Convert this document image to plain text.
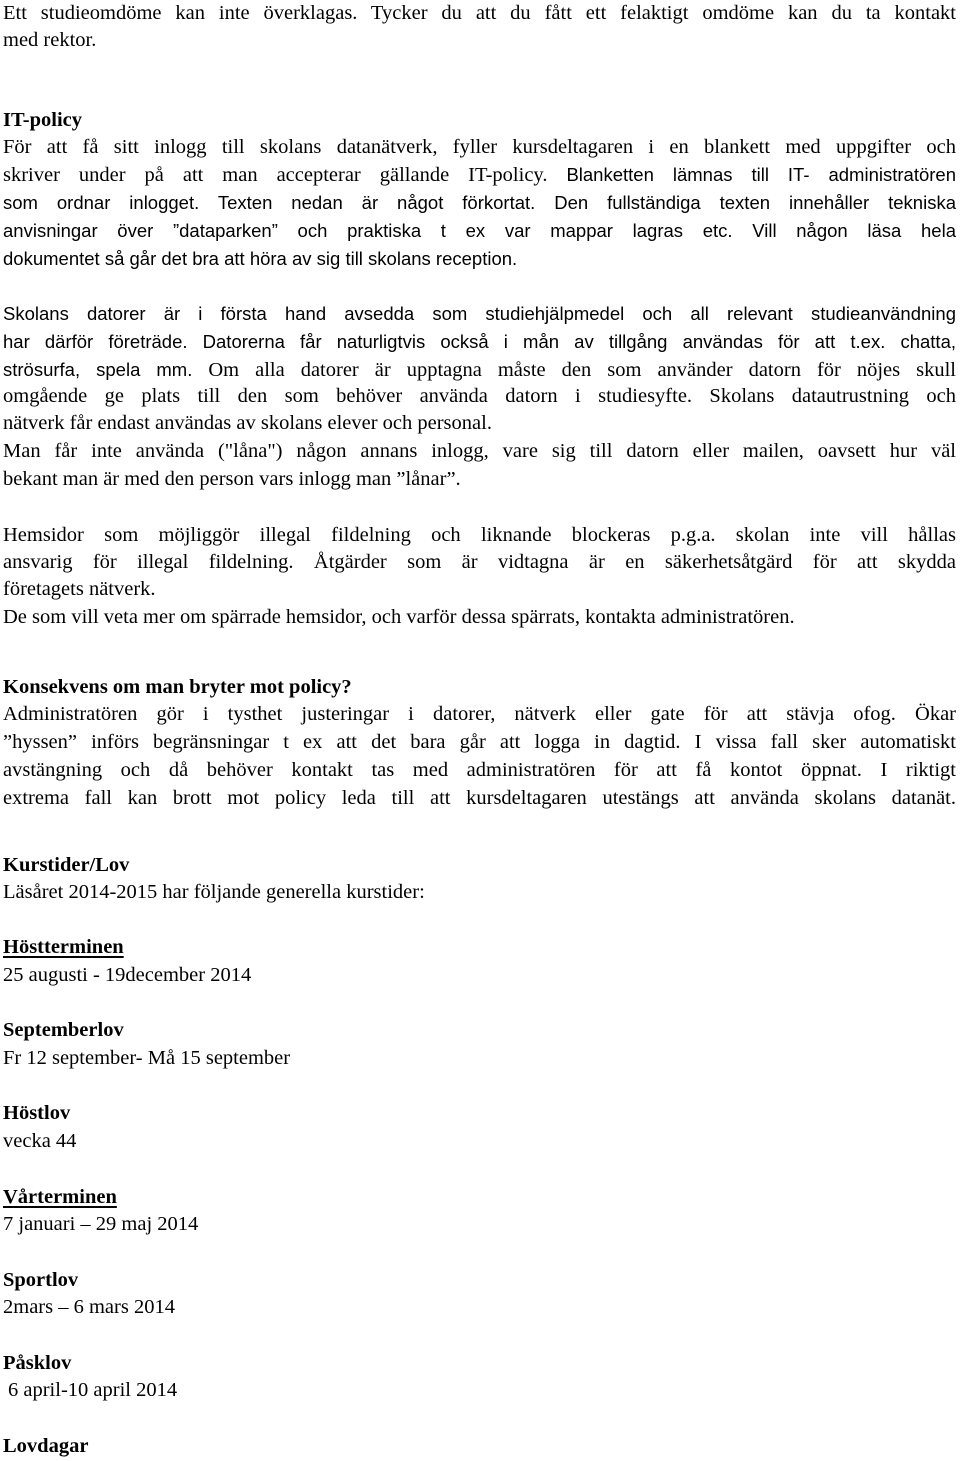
Ett studieomdöme kan inte överklagas. Tycker du att du fått ett felaktigt omdöme kan du ta kontakt
med rektor.
IT-policy
För att få sitt inlogg till skolans datanätverk, fyller kursdeltagaren i en blankett med uppgifter och
skriver under på att man accepterar gällande IT-policy. Blanketten lämnas till IT- administratören
som ordnar inlogget. Texten nedan är något förkortat. Den fullständiga texten innehåller tekniska
anvisningar över ”dataparken” och praktiska t ex var mappar lagras etc. Vill någon läsa hela
dokumentet så går det bra att höra av sig till skolans reception.
Skolans datorer är i första hand avsedda som studiehjälpmedel och all relevant studieanvändning
har därför företräde. Datorerna får naturligtvis också i mån av tillgång användas för att t.ex. chatta,
strösurfa, spela mm. Om alla datorer är upptagna måste den som använder datorn för nöjes skull
omgående ge plats till den som behöver använda datorn i studiesyfte. Skolans datautrustning och
nätverk får endast användas av skolans elever och personal.
Man får inte använda ("låna") någon annans inlogg, vare sig till datorn eller mailen, oavsett hur väl
bekant man är med den person vars inlogg man ”lånar”.
Hemsidor som möjliggör illegal fildelning och liknande blockeras p.g.a. skolan inte vill hållas
ansvarig för illegal fildelning. Åtgärder som är vidtagna är en säkerhetsåtgärd för att skydda
företagets nätverk.
De som vill veta mer om spärrade hemsidor, och varför dessa spärrats, kontakta administratören.
Konsekvens om man bryter mot policy?
Administratören gör i tysthet justeringar i datorer, nätverk eller gate för att stävja ofog. Ökar
”hyssen” införs begränsningar t ex att det bara går att logga in dagtid. I vissa fall sker automatiskt
avstängning och då behöver kontakt tas med administratören för att få kontot öppnat. I riktigt
extrema fall kan brott mot policy leda till att kursdeltagaren utestängs att använda skolans datanät.
Kurstider/Lov
Läsåret 2014-2015 har följande generella kurstider:
Höstterminen
25 augusti - 19december 2014
Septemberlov
Fr 12 september- Må 15 september
Höstlov
vecka 44
Vårterminen
7 januari – 29 maj 2014
Sportlov
2mars – 6 mars 2014
Påsklov
6 april-10 april 2014
Lovdagar
